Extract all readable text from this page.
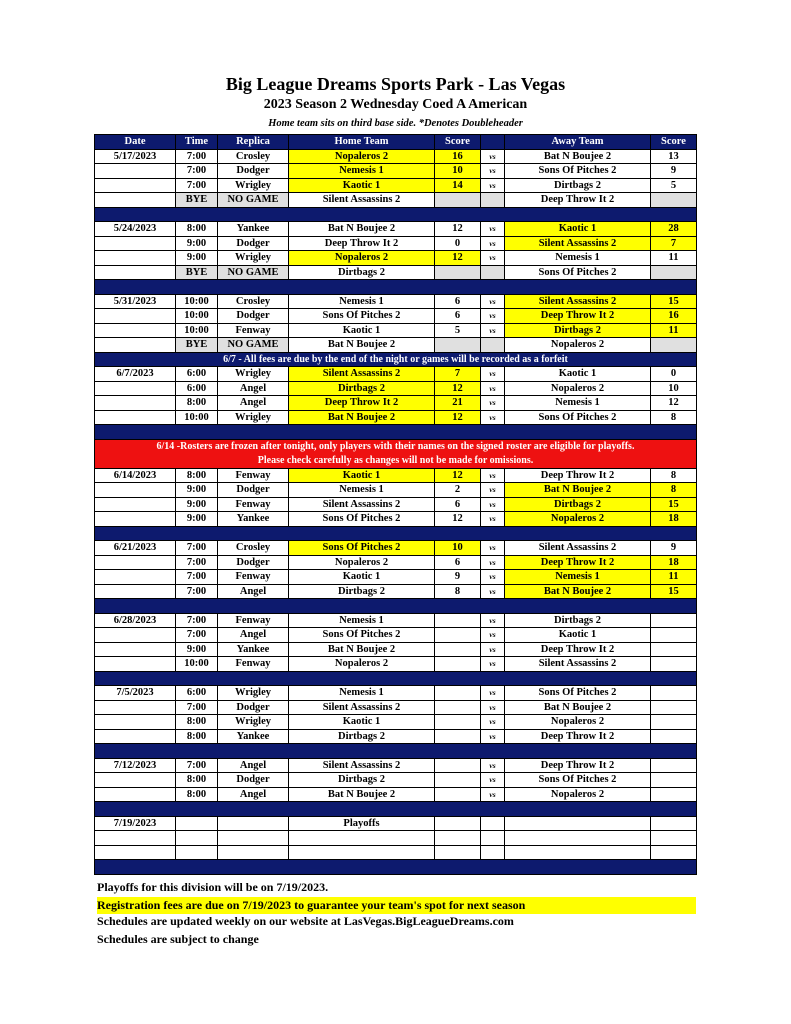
Big League Dreams Sports Park - Las Vegas
2023 Season 2 Wednesday Coed A American
Home team sits on third base side. *Denotes Doubleheader
Date	Time	Replica	Home Team	Score		Away Team	Score
5/17/2023	7:00	Crosley	Nopaleros 2	16	vs	Bat N Boujee 2	13
	7:00	Dodger	Nemesis 1	10	vs	Sons Of Pitches 2	9
	7:00	Wrigley	Kaotic 1	14	vs	Dirtbags 2	5
	BYE	NO GAME	Silent Assassins 2			Deep Throw It 2	

5/24/2023	8:00	Yankee	Bat N Boujee 2	12	vs	Kaotic 1	28
	9:00	Dodger	Deep Throw It 2	0	vs	Silent Assassins 2	7
	9:00	Wrigley	Nopaleros 2	12	vs	Nemesis 1	11
	BYE	NO GAME	Dirtbags 2			Sons Of Pitches 2	

5/31/2023	10:00	Crosley	Nemesis 1	6	vs	Silent Assassins 2	15
	10:00	Dodger	Sons Of Pitches 2	6	vs	Deep Throw It 2	16
	10:00	Fenway	Kaotic 1	5	vs	Dirtbags 2	11
	BYE	NO GAME	Bat N Boujee 2			Nopaleros 2	
6/7 - All fees are due by the end of the night or games will be recorded as a forfeit							
6/7/2023	6:00	Wrigley	Silent Assassins 2	7	vs	Kaotic 1	0
	6:00	Angel	Dirtbags 2	12	vs	Nopaleros 2	10
	8:00	Angel	Deep Throw It 2	21	vs	Nemesis 1	12
	10:00	Wrigley	Bat N Boujee 2	12	vs	Sons Of Pitches 2	8

6/14 -Rosters are frozen after tonight, only players with their names on the signed roster are eligible for playoffs.
Please check carefully as changes will not be made for omissions.							

6/14/2023	8:00	Fenway	Kaotic 1	12	vs	Deep Throw It 2	8
	9:00	Dodger	Nemesis 1	2	vs	Bat N Boujee 2	8
	9:00	Fenway	Silent Assassins 2	6	vs	Dirtbags 2	15
	9:00	Yankee	Sons Of Pitches 2	12	vs	Nopaleros 2	18

6/21/2023	7:00	Crosley	Sons Of Pitches 2	10	vs	Silent Assassins 2	9
	7:00	Dodger	Nopaleros 2	6	vs	Deep Throw It 2	18
	7:00	Fenway	Kaotic 1	9	vs	Nemesis 1	11
	7:00	Angel	Dirtbags 2	8	vs	Bat N Boujee 2	15

6/28/2023	7:00	Fenway	Nemesis 1		vs	Dirtbags 2	
	7:00	Angel	Sons Of Pitches 2		vs	Kaotic 1	
	9:00	Yankee	Bat N Boujee 2		vs	Deep Throw It 2	
	10:00	Fenway	Nopaleros 2		vs	Silent Assassins 2	

7/5/2023	6:00	Wrigley	Nemesis 1		vs	Sons Of Pitches 2	
	7:00	Dodger	Silent Assassins 2		vs	Bat N Boujee 2	
	8:00	Wrigley	Kaotic 1		vs	Nopaleros 2	
	8:00	Yankee	Dirtbags 2		vs	Deep Throw It 2	

7/12/2023	7:00	Angel	Silent Assassins 2		vs	Deep Throw It 2	
	8:00	Dodger	Dirtbags 2		vs	Sons Of Pitches 2	
	8:00	Angel	Bat N Boujee 2		vs	Nopaleros 2	

7/19/2023			Playoffs				

Playoffs for this division will be on 7/19/2023.
Registration fees are due on 7/19/2023 to guarantee your team's spot for next season
Schedules are updated weekly on our website at LasVegas.BigLeagueDreams.com
Schedules are subject to change
